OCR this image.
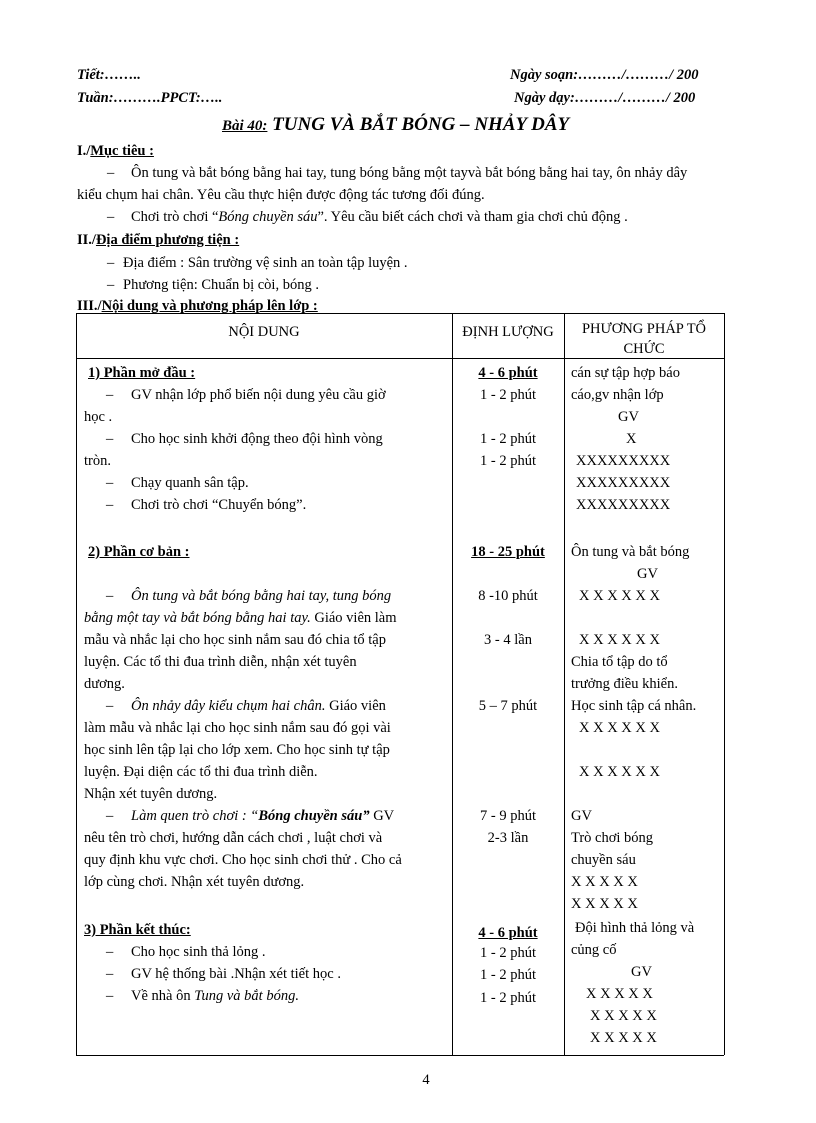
Tiết:……..
Tuần:……….PPCT:…..
Ngày soạn:………/………/ 200
Ngày dạy:………/………/ 200
Bài 40: TUNG VÀ BẮT BÓNG – NHẢY DÂY
I./Mục tiêu :
– Ôn tung và bắt bóng bằng hai tay, tung bóng bằng một tayvà bắt bóng bằng hai tay, ôn nhảy dây
kiểu chụm hai chân. Yêu cầu thực hiện được động tác tương đối đúng.
– Chơi trò chơi “Bóng chuyền sáu”. Yêu cầu biết cách chơi và tham gia chơi chủ động .
II./Địa điểm phương tiện :
– Địa điểm : Sân trường vệ sinh an toàn tập luyện .
– Phương tiện: Chuẩn bị còi, bóng .
III./Nội dung và phương pháp lên lớp :
NỘI DUNG	ĐỊNH LƯỢNG	PHƯƠNG PHÁP TỔ
CHỨC
1) Phần mở đầu :
– GV nhận lớp phổ biến nội dung yêu cầu giờ
học .
– Cho học sinh khởi động theo đội hình vòng
tròn.
– Chạy quanh sân tập.
– Chơi trò chơi “Chuyển bóng”.
4 - 6 phút
1 - 2 phút
1 - 2 phút
1 - 2 phút
cán sự tập hợp báo
cáo,gv nhận lớp
GV
X
XXXXXXXXX
XXXXXXXXX
XXXXXXXXX
2) Phần cơ bản :
– Ôn tung và bắt bóng bằng hai tay, tung bóng
bằng một tay và bắt bóng bằng hai tay. Giáo viên làm
mẫu và nhắc lại cho học sinh nắm sau đó chia tổ tập
luyện. Các tổ thi đua trình diễn, nhận xét tuyên
dương.
– Ôn nhảy dây kiểu chụm hai chân. Giáo viên
làm mẫu và nhắc lại cho học sinh nắm sau đó gọi vài
học sinh lên tập lại cho lớp xem. Cho học sinh tự tập
luyện. Đại diện các tổ thi đua trình diễn.
Nhận xét tuyên dương.
– Làm quen trò chơi : “Bóng chuyền sáu” GV
nêu tên trò chơi, hướng dẫn cách chơi , luật chơi và
quy định khu vực chơi. Cho học sinh chơi thử . Cho cả
lớp cùng chơi. Nhận xét tuyên dương.
18 - 25 phút
8 -10 phút
3 - 4 lần
5 – 7 phút
7 - 9 phút
2-3 lần
Ôn tung và bắt bóng
GV
X X X X X X
X X X X X X
Chia tổ tập do tổ
trưởng điều khiển.
Học sinh tập cá nhân.
X X X X X X
X X X X X X
GV
Trò chơi bóng
chuyền sáu
X X X X X
X X X X X
3) Phần kết thúc:
– Cho học sinh thả lỏng .
– GV hệ thống bài .Nhận xét tiết học .
– Về nhà ôn Tung và bắt bóng.
4 - 6 phút
1 - 2 phút
1 - 2 phút
1 - 2 phút
Đội hình thả lỏng và
củng cố
GV
X X X X X
X X X X X
X X X X X
4
